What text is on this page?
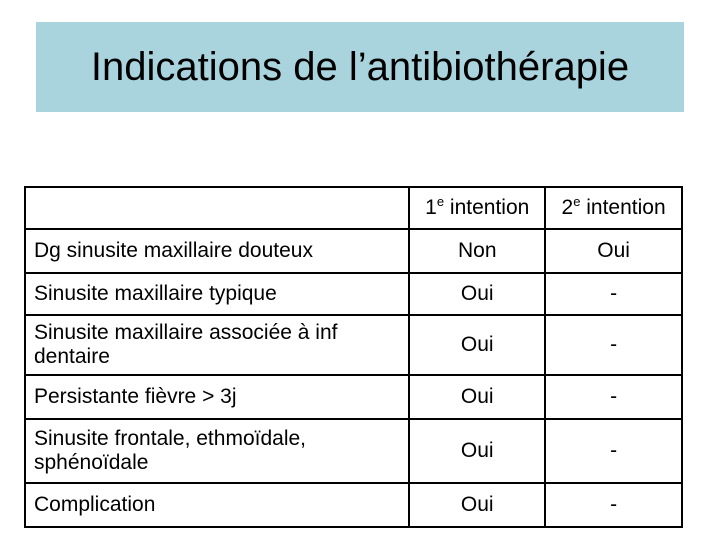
Indications de l’antibiothérapie
	1e intention	2e intention
Dg sinusite maxillaire douteux	Non	Oui
Sinusite maxillaire typique	Oui	-
Sinusite maxillaire associée à inf dentaire	Oui	-
Persistante fièvre > 3j	Oui	-
Sinusite frontale, ethmoïdale, sphénoïdale	Oui	-
Complication	Oui	-
